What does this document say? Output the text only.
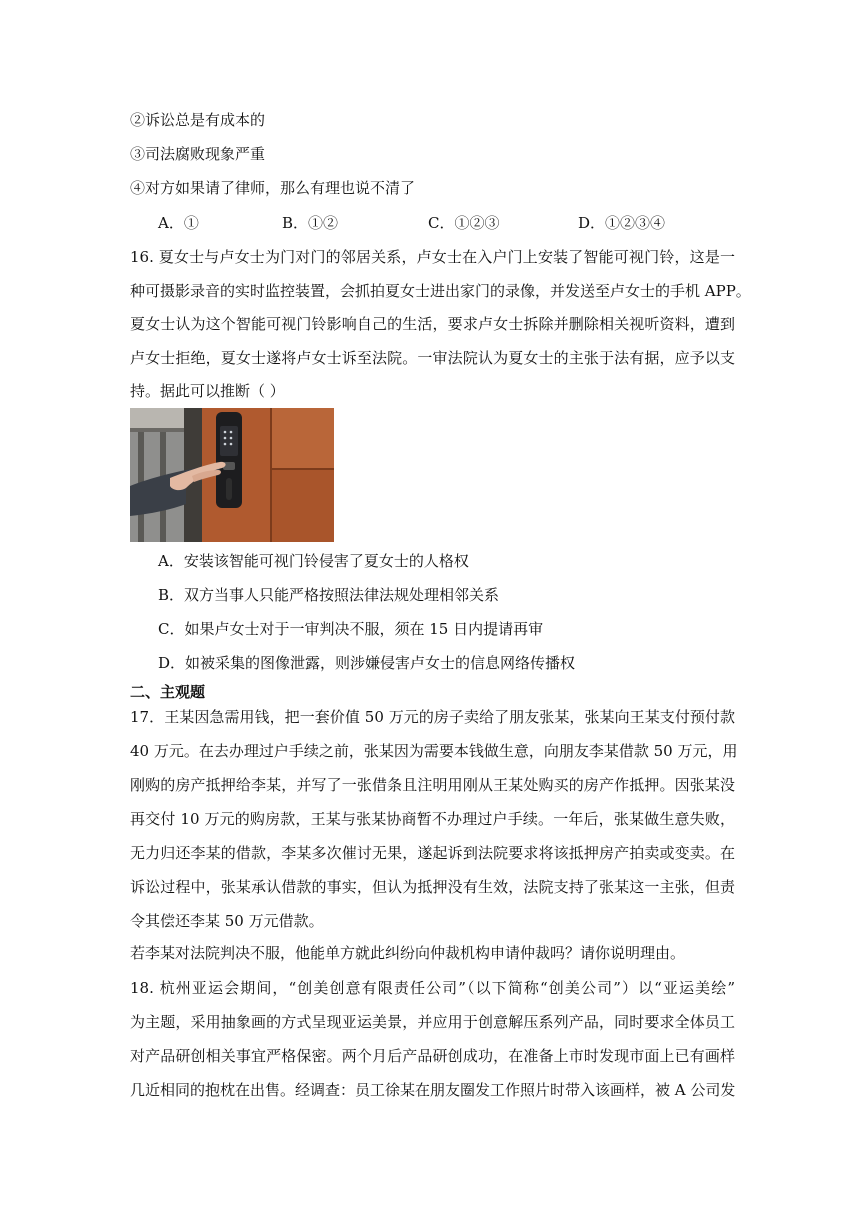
②诉讼总是有成本的
③司法腐败现象严重
④对方如果请了律师，那么有理也说不清了
A．①	B．①②	C．①②③	D．①②③④
16. 夏女士与卢女士为门对门的邻居关系，卢女士在入户门上安装了智能可视门铃，这是一
种可摄影录音的实时监控装置，会抓拍夏女士进出家门的录像，并发送至卢女士的手机 APP。
夏女士认为这个智能可视门铃影响自己的生活，要求卢女士拆除并删除相关视听资料，遭到
卢女士拒绝，夏女士遂将卢女士诉至法院。一审法院认为夏女士的主张于法有据，应予以支
持。据此可以推断（ ）
A．安装该智能可视门铃侵害了夏女士的人格权
B．双方当事人只能严格按照法律法规处理相邻关系
C．如果卢女士对于一审判决不服，须在 15 日内提请再审
D．如被采集的图像泄露，则涉嫌侵害卢女士的信息网络传播权
二、主观题
17．王某因急需用钱，把一套价值 50 万元的房子卖给了朋友张某，张某向王某支付预付款
40 万元。在去办理过户手续之前，张某因为需要本钱做生意，向朋友李某借款 50 万元，用
刚购的房产抵押给李某，并写了一张借条且注明用刚从王某处购买的房产作抵押。因张某没
再交付 10 万元的购房款，王某与张某协商暂不办理过户手续。一年后，张某做生意失败，
无力归还李某的借款，李某多次催讨无果，遂起诉到法院要求将该抵押房产拍卖或变卖。在
诉讼过程中，张某承认借款的事实，但认为抵押没有生效，法院支持了张某这一主张，但责
令其偿还李某 50 万元借款。
若李某对法院判决不服，他能单方就此纠纷向仲裁机构申请仲裁吗？请你说明理由。
18. 杭州亚运会期间，“创美创意有限责任公司”（以下简称“创美公司”）以“亚运美绘”
为主题，采用抽象画的方式呈现亚运美景，并应用于创意解压系列产品，同时要求全体员工
对产品研创相关事宜严格保密。两个月后产品研创成功，在准备上市时发现市面上已有画样
几近相同的抱枕在出售。经调查：员工徐某在朋友圈发工作照片时带入该画样，被 A 公司发
